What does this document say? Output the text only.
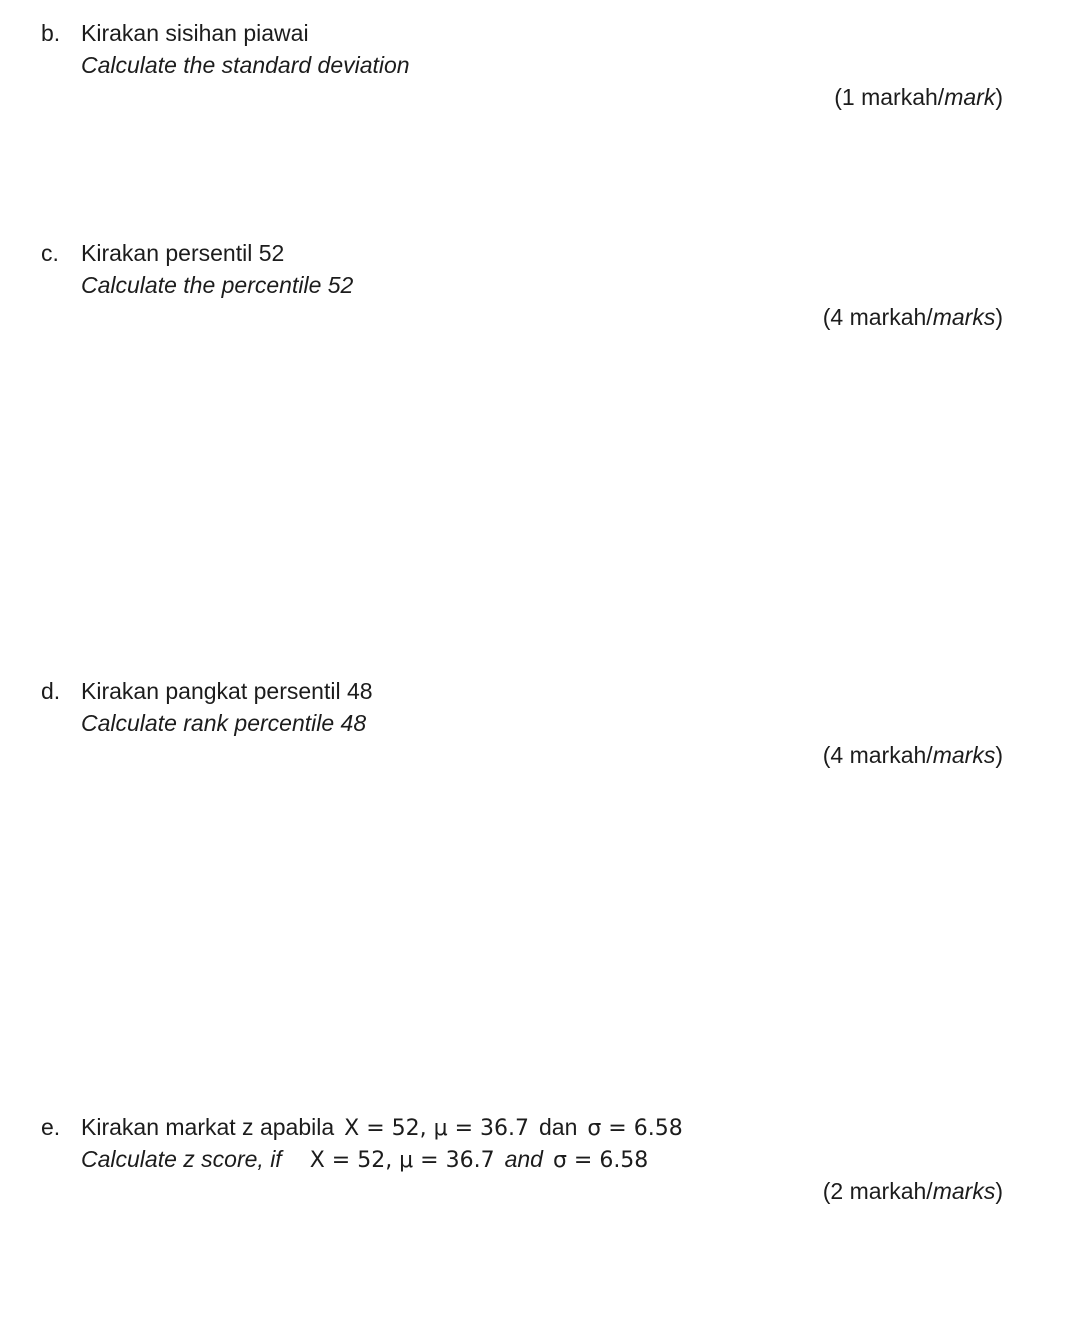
b. Kirakan sisihan piawai
Calculate the standard deviation
(1 markah/mark)
c. Kirakan persentil 52
Calculate the percentile 52
(4 markah/marks)
d. Kirakan pangkat persentil 48
Calculate rank percentile 48
(4 markah/marks)
e. Kirakan markat z apabila X = 52, μ = 36.7 dan σ = 6.58
Calculate z score, if X = 52, μ = 36.7 and σ = 6.58
(2 markah/marks)
